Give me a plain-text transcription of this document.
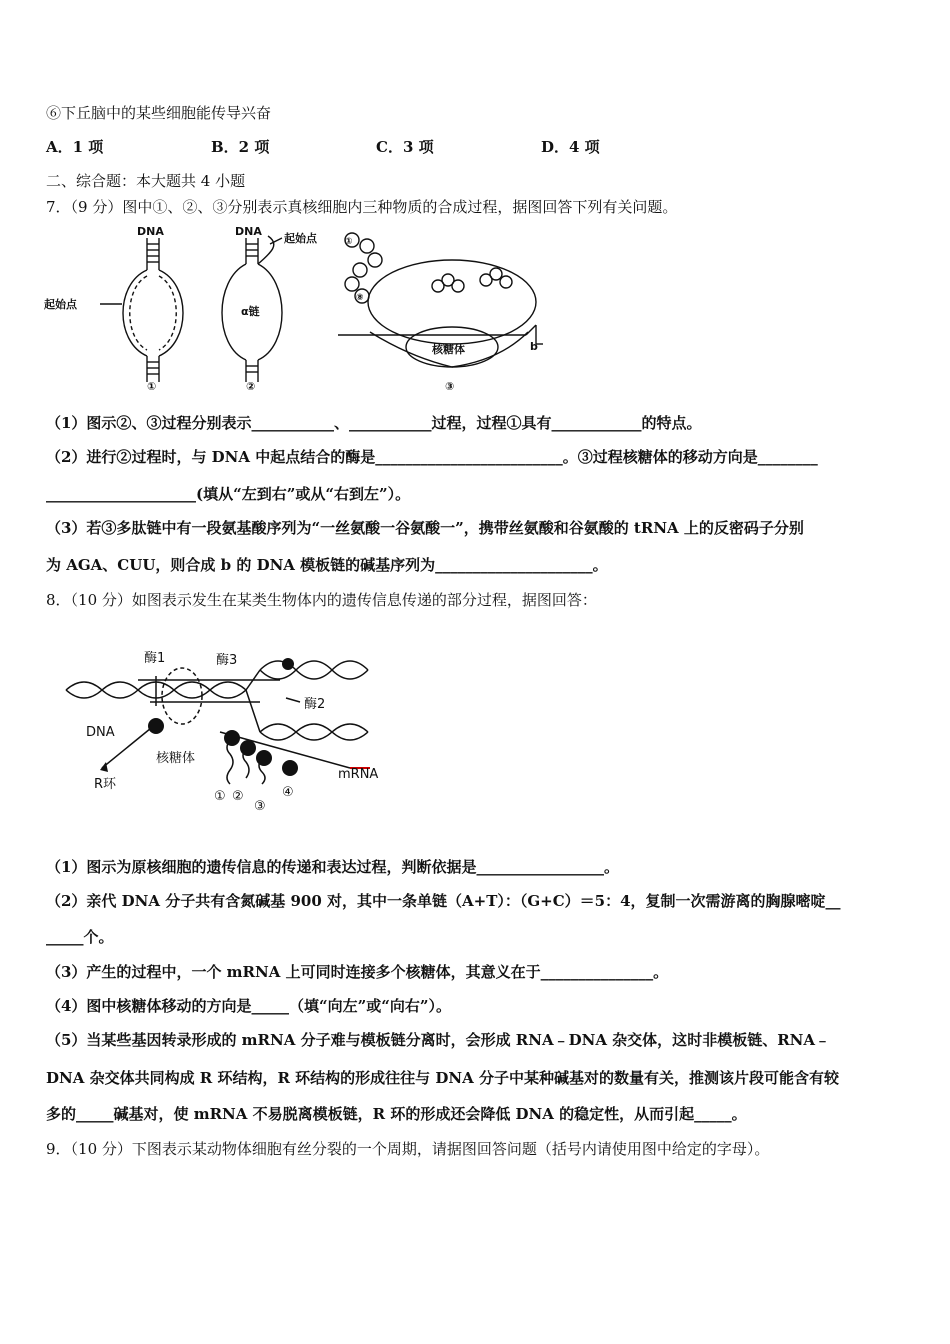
⑥下丘脑中的某些细胞能传导兴奋
A．1 项	B．2 项	C．3 项	D．4 项
二、综合题：本大题共 4 小题
7．（9 分）图中①、②、③分别表示真核细胞内三种物质的合成过程，据图回答下列有关问题。
DNA
起始点
①
DNA
起始点
α链
②
核糖体	b
③
①
⑧
（1）图示②、③过程分别表示___________、___________过程，过程①具有____________的特点。
（2）进行②过程时，与 DNA 中起点结合的酶是_________________________。③过程核糖体的移动方向是________
____________________(填从“左到右”或从“右到左”）。
（3）若③多肽链中有一段氨基酸序列为“一丝氨酸一谷氨酸一”，携带丝氨酸和谷氨酸的 tRNA 上的反密码子分别
为 AGA、CUU，则合成 b 的 DNA 模板链的碱基序列为_____________________。
8．（10 分）如图表示发生在某类生物体内的遗传信息传递的部分过程，据图回答：
酶1	酶3
酶2
DNA
核糖体
R环
mRNA
① ②
③
④
（1）图示为原核细胞的遗传信息的传递和表达过程，判断依据是_________________。
（2）亲代 DNA 分子共有含氮碱基 900 对，其中一条单链（A+T）：（G+C）＝5：4，复制一次需游离的胸腺嘧啶__
_____个。
（3）产生的过程中，一个 mRNA 上可同时连接多个核糖体，其意义在于_______________。
（4）图中核糖体移动的方向是_____（填“向左”或“向右”）。
（5）当某些基因转录形成的 mRNA 分子难与模板链分离时，会形成 RNA﹣DNA 杂交体，这时非模板链、RNA﹣
DNA 杂交体共同构成 R 环结构，R 环结构的形成往往与 DNA 分子中某种碱基对的数量有关，推测该片段可能含有较
多的_____碱基对，使 mRNA 不易脱离模板链，R 环的形成还会降低 DNA 的稳定性，从而引起_____。
9．（10 分）下图表示某动物体细胞有丝分裂的一个周期，请据图回答问题（括号内请使用图中给定的字母）。
